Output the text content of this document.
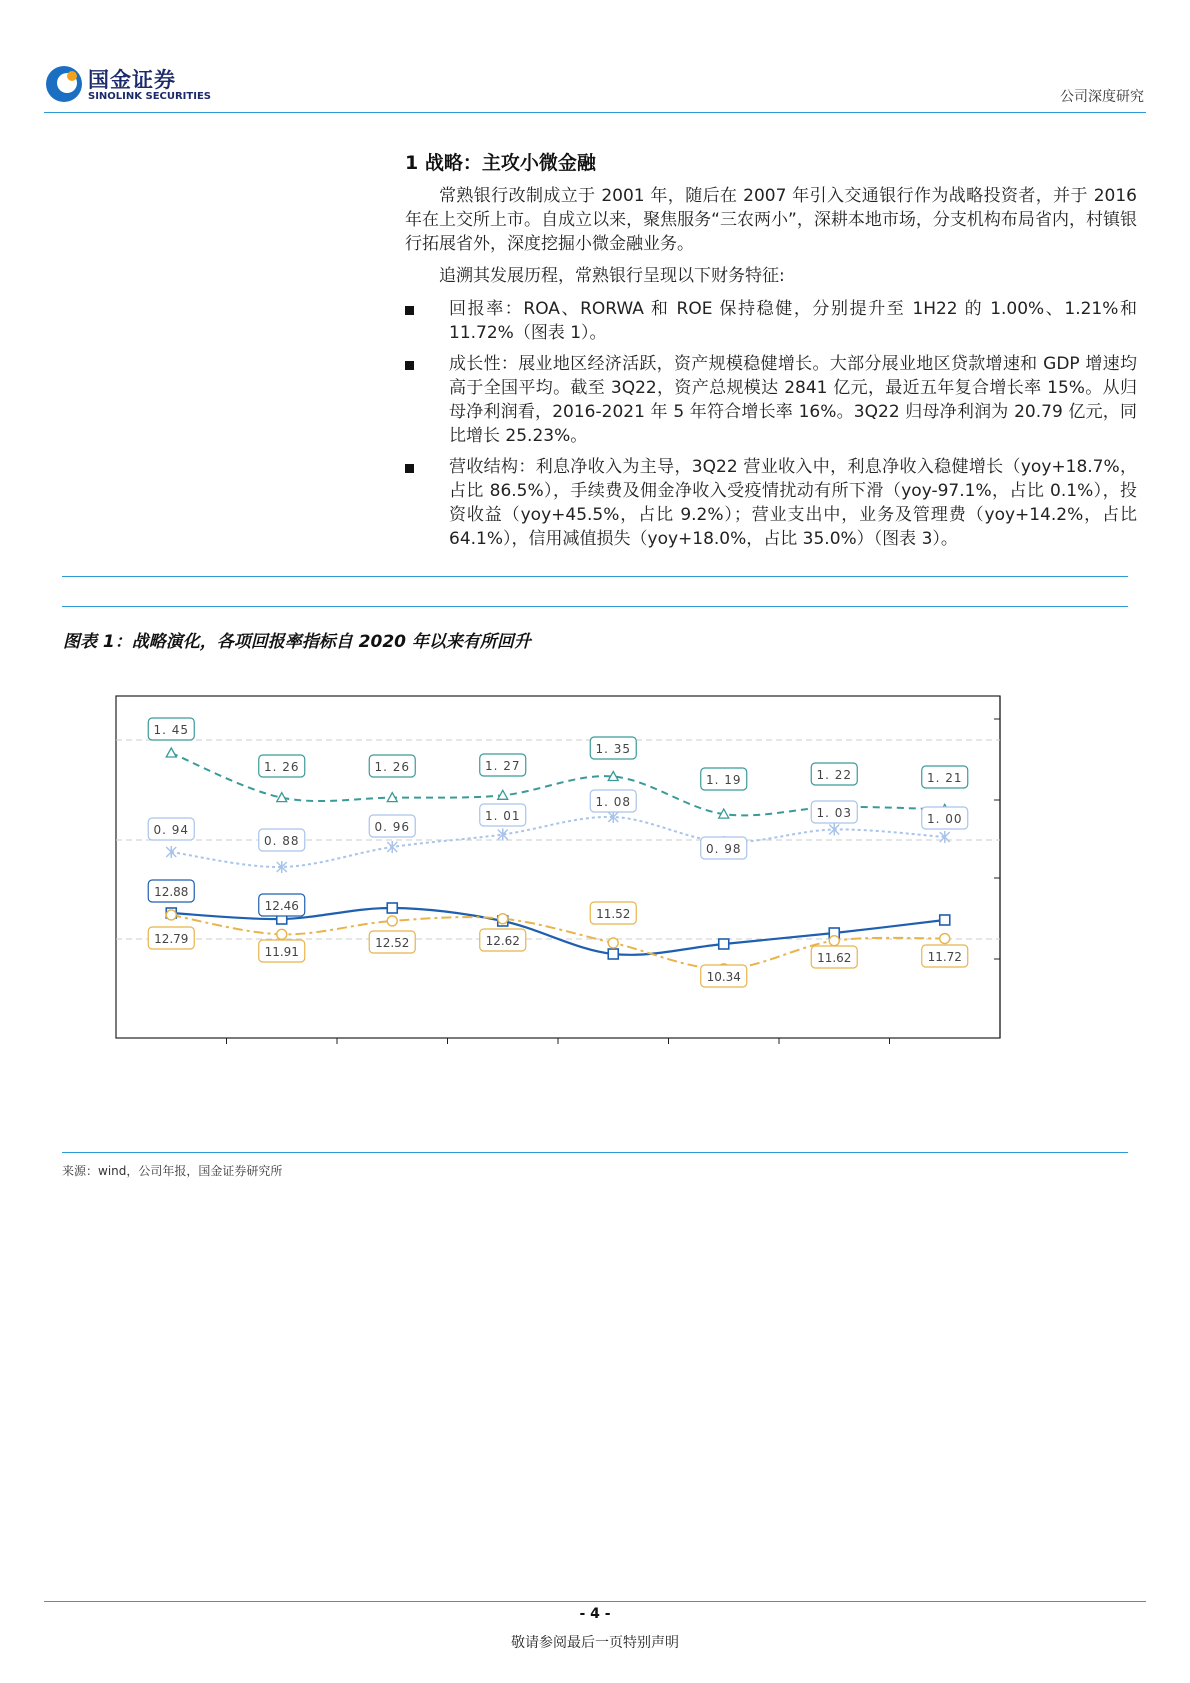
国金证券
SINOLINK SECURITIES	公司深度研究
1 战略：主攻小微金融
常熟银行改制成立于 2001 年，随后在 2007 年引入交通银行作为战略投资者，并于 2016 年在上交所上市。自成立以来，聚焦服务“三农两小”，深耕本地市场，分支机构布局省内，村镇银行拓展省外，深度挖掘小微金融业务。
追溯其发展历程，常熟银行呈现以下财务特征:
回报率：ROA、RORWA 和 ROE 保持稳健，分别提升至 1H22 的 1.00%、1.21%和 11.72%（图表 1）。
成长性：展业地区经济活跃，资产规模稳健增长。大部分展业地区贷款增速和 GDP 增速均高于全国平均。截至 3Q22，资产总规模达 2841 亿元，最近五年复合增长率 15%。从归母净利润看，2016-2021 年 5 年符合增长率 16%。3Q22 归母净利润为 20.79 亿元，同比增长 25.23%。
营收结构：利息净收入为主导，3Q22 营业收入中，利息净收入稳健增长（yoy+18.7%，占比 86.5%），手续费及佣金净收入受疫情扰动有所下滑（yoy-97.1%，占比 0.1%），投资收益（yoy+45.5%，占比 9.2%）；营业支出中，业务及管理费（yoy+14.2%，占比 64.1%），信用减值损失（yoy+18.0%，占比 35.0%）（图表 3）。
图表 1：战略演化，各项回报率指标自 2020 年以来有所回升
1. 45
1. 26	1. 26	1. 27
1. 35
1. 19	1. 22	1. 21
0. 94
0. 88
0. 96
1. 01
1. 08
0. 98
1. 03	1. 00
12.88
12.46
12.79
11.91
12.52	12.62
11.52
10.34
11.62	11.72
来源：wind，公司年报，国金证券研究所
- 4 -
敬请参阅最后一页特别声明
